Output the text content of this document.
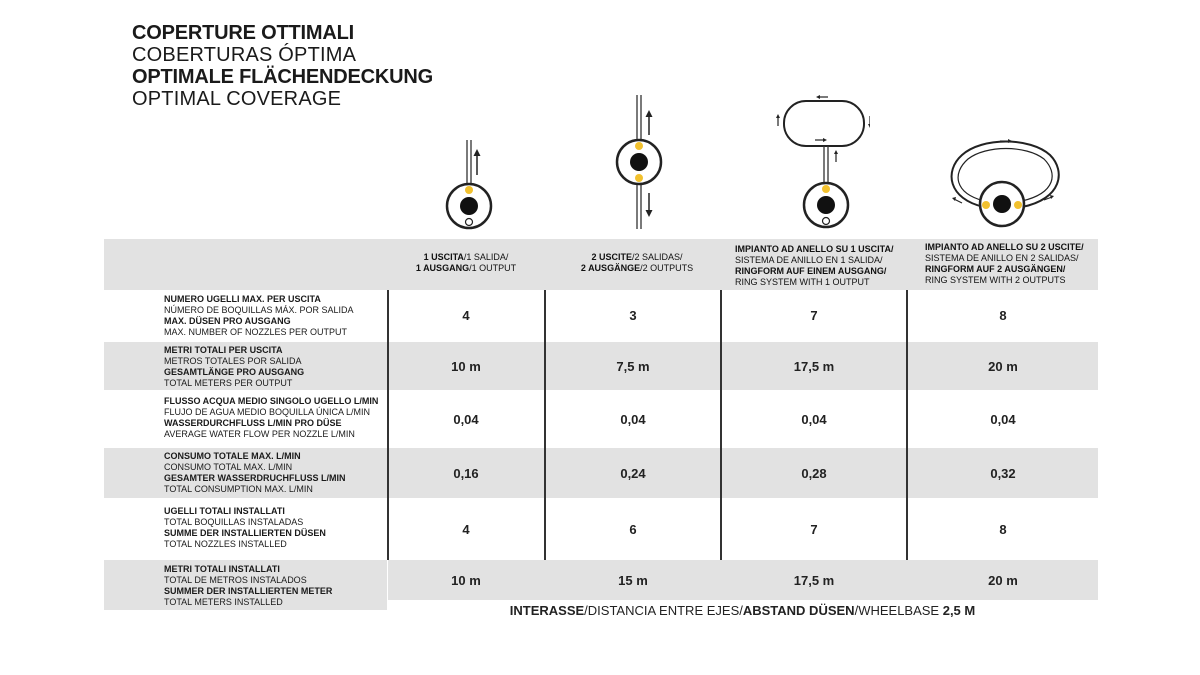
COPERTURE OTTIMALI
COBERTURAS ÓPTIMA
OPTIMALE FLÄCHENDECKUNG
OPTIMAL COVERAGE
1 USCITA/1 SALIDA/
1 AUSGANG/1 OUTPUT
2 USCITE/2 SALIDAS/
2 AUSGÄNGE/2 OUTPUTS
IMPIANTO AD ANELLO SU 1 USCITA/
SISTEMA DE ANILLO EN 1 SALIDA/
RINGFORM AUF EINEM AUSGANG/
RING SYSTEM WITH 1 OUTPUT
IMPIANTO AD ANELLO SU 2 USCITE/
SISTEMA DE ANILLO EN 2 SALIDAS/
RINGFORM AUF 2 AUSGÄNGEN/
RING SYSTEM WITH 2 OUTPUTS
NUMERO UGELLI MAX. PER USCITA
NÚMERO DE BOQUILLAS MÁX. POR SALIDA
MAX. DÜSEN PRO AUSGANG
MAX. NUMBER OF NOZZLES PER OUTPUT
4	3	7	8
METRI TOTALI PER USCITA
METROS TOTALES POR SALIDA
GESAMTLÄNGE PRO AUSGANG
TOTAL METERS PER OUTPUT
10 m	7,5 m	17,5 m	20 m
FLUSSO ACQUA MEDIO SINGOLO UGELLO L/MIN
FLUJO DE AGUA MEDIO BOQUILLA ÚNICA L/MIN
WASSERDURCHFLUSS L/MIN PRO DÜSE
AVERAGE WATER FLOW PER NOZZLE L/MIN
0,04	0,04	0,04	0,04
CONSUMO TOTALE MAX. L/MIN
CONSUMO TOTAL MAX. L/MIN
GESAMTER WASSERDRUCHFLUSS L/MIN
TOTAL CONSUMPTION MAX. L/MIN
0,16	0,24	0,28	0,32
UGELLI TOTALI INSTALLATI
TOTAL BOQUILLAS INSTALADAS
SUMME DER INSTALLIERTEN DÜSEN
TOTAL NOZZLES INSTALLED
4	6	7	8
METRI TOTALI INSTALLATI
TOTAL DE METROS INSTALADOS
SUMMER DER INSTALLIERTEN METER
TOTAL METERS INSTALLED
10 m	15 m	17,5 m	20 m
INTERASSE/DISTANCIA ENTRE EJES/ABSTAND DÜSEN/WHEELBASE 2,5 M
